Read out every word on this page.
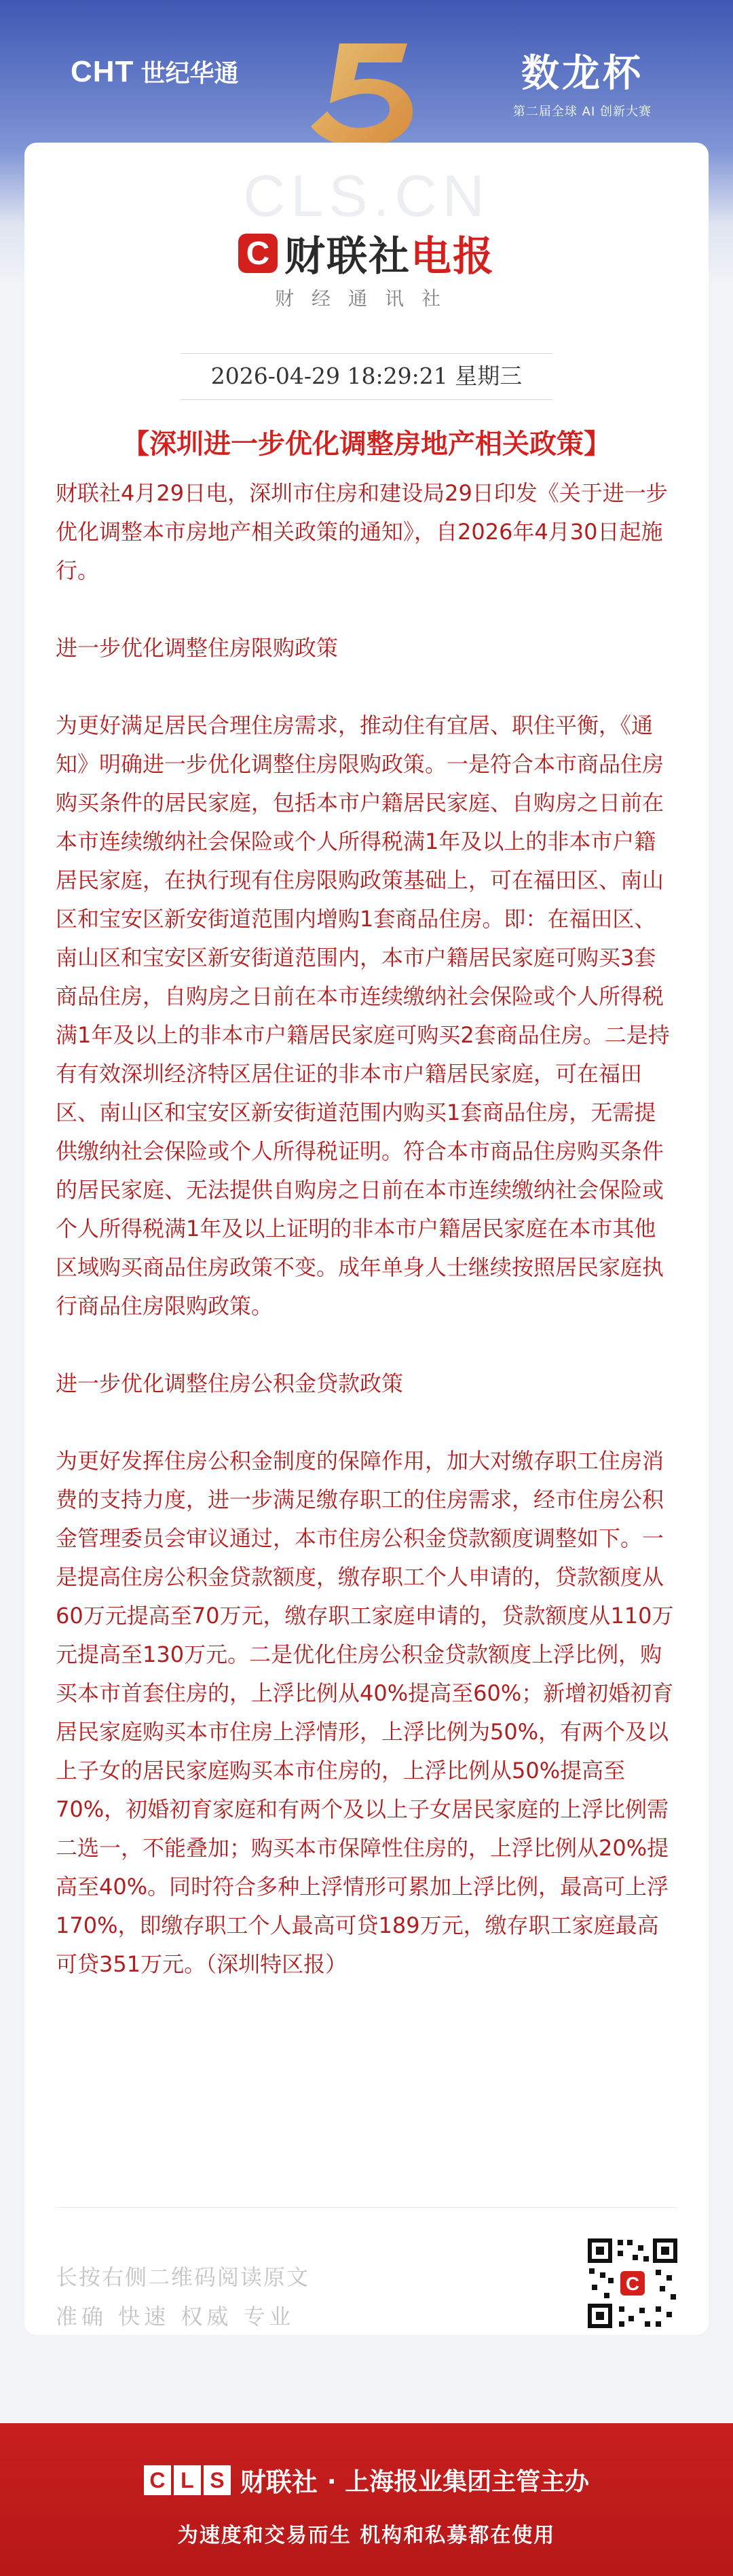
CHT 世纪华通	数龙杯
第二届全球 AI 创新大赛
CLS.CN
C 财联社电报
财经通讯社
2026-04-29 18:29:21 星期三
【深圳进一步优化调整房地产相关政策】

财联社4月29日电，深圳市住房和建设局29日印发《关于进一步优化调整本市房地产相关政策的通知》，自2026年4月30日起施行。

进一步优化调整住房限购政策

为更好满足居民合理住房需求，推动住有宜居、职住平衡，《通知》明确进一步优化调整住房限购政策。一是符合本市商品住房购买条件的居民家庭，包括本市户籍居民家庭、自购房之日前在本市连续缴纳社会保险或个人所得税满1年及以上的非本市户籍居民家庭，在执行现有住房限购政策基础上，可在福田区、南山区和宝安区新安街道范围内增购1套商品住房。即：在福田区、南山区和宝安区新安街道范围内，本市户籍居民家庭可购买3套商品住房，自购房之日前在本市连续缴纳社会保险或个人所得税满1年及以上的非本市户籍居民家庭可购买2套商品住房。二是持有有效深圳经济特区居住证的非本市户籍居民家庭，可在福田区、南山区和宝安区新安街道范围内购买1套商品住房，无需提供缴纳社会保险或个人所得税证明。符合本市商品住房购买条件的居民家庭、无法提供自购房之日前在本市连续缴纳社会保险或个人所得税满1年及以上证明的非本市户籍居民家庭在本市其他区域购买商品住房政策不变。成年单身人士继续按照居民家庭执行商品住房限购政策。

进一步优化调整住房公积金贷款政策

为更好发挥住房公积金制度的保障作用，加大对缴存职工住房消费的支持力度，进一步满足缴存职工的住房需求，经市住房公积金管理委员会审议通过，本市住房公积金贷款额度调整如下。一是提高住房公积金贷款额度，缴存职工个人申请的，贷款额度从60万元提高至70万元，缴存职工家庭申请的，贷款额度从110万元提高至130万元。二是优化住房公积金贷款额度上浮比例，购买本市首套住房的，上浮比例从40%提高至60%；新增初婚初育居民家庭购买本市住房上浮情形，上浮比例为50%，有两个及以上子女的居民家庭购买本市住房的，上浮比例从50%提高至70%，初婚初育家庭和有两个及以上子女居民家庭的上浮比例需二选一，不能叠加；购买本市保障性住房的，上浮比例从20%提高至40%。同时符合多种上浮情形可累加上浮比例，最高可上浮170%，即缴存职工个人最高可贷189万元，缴存职工家庭最高可贷351万元。（深圳特区报）

长按右侧二维码阅读原文
准确 快速 权威 专业
C
C L S 财联社 · 上海报业集团主管主办
为速度和交易而生 机构和私募都在使用
